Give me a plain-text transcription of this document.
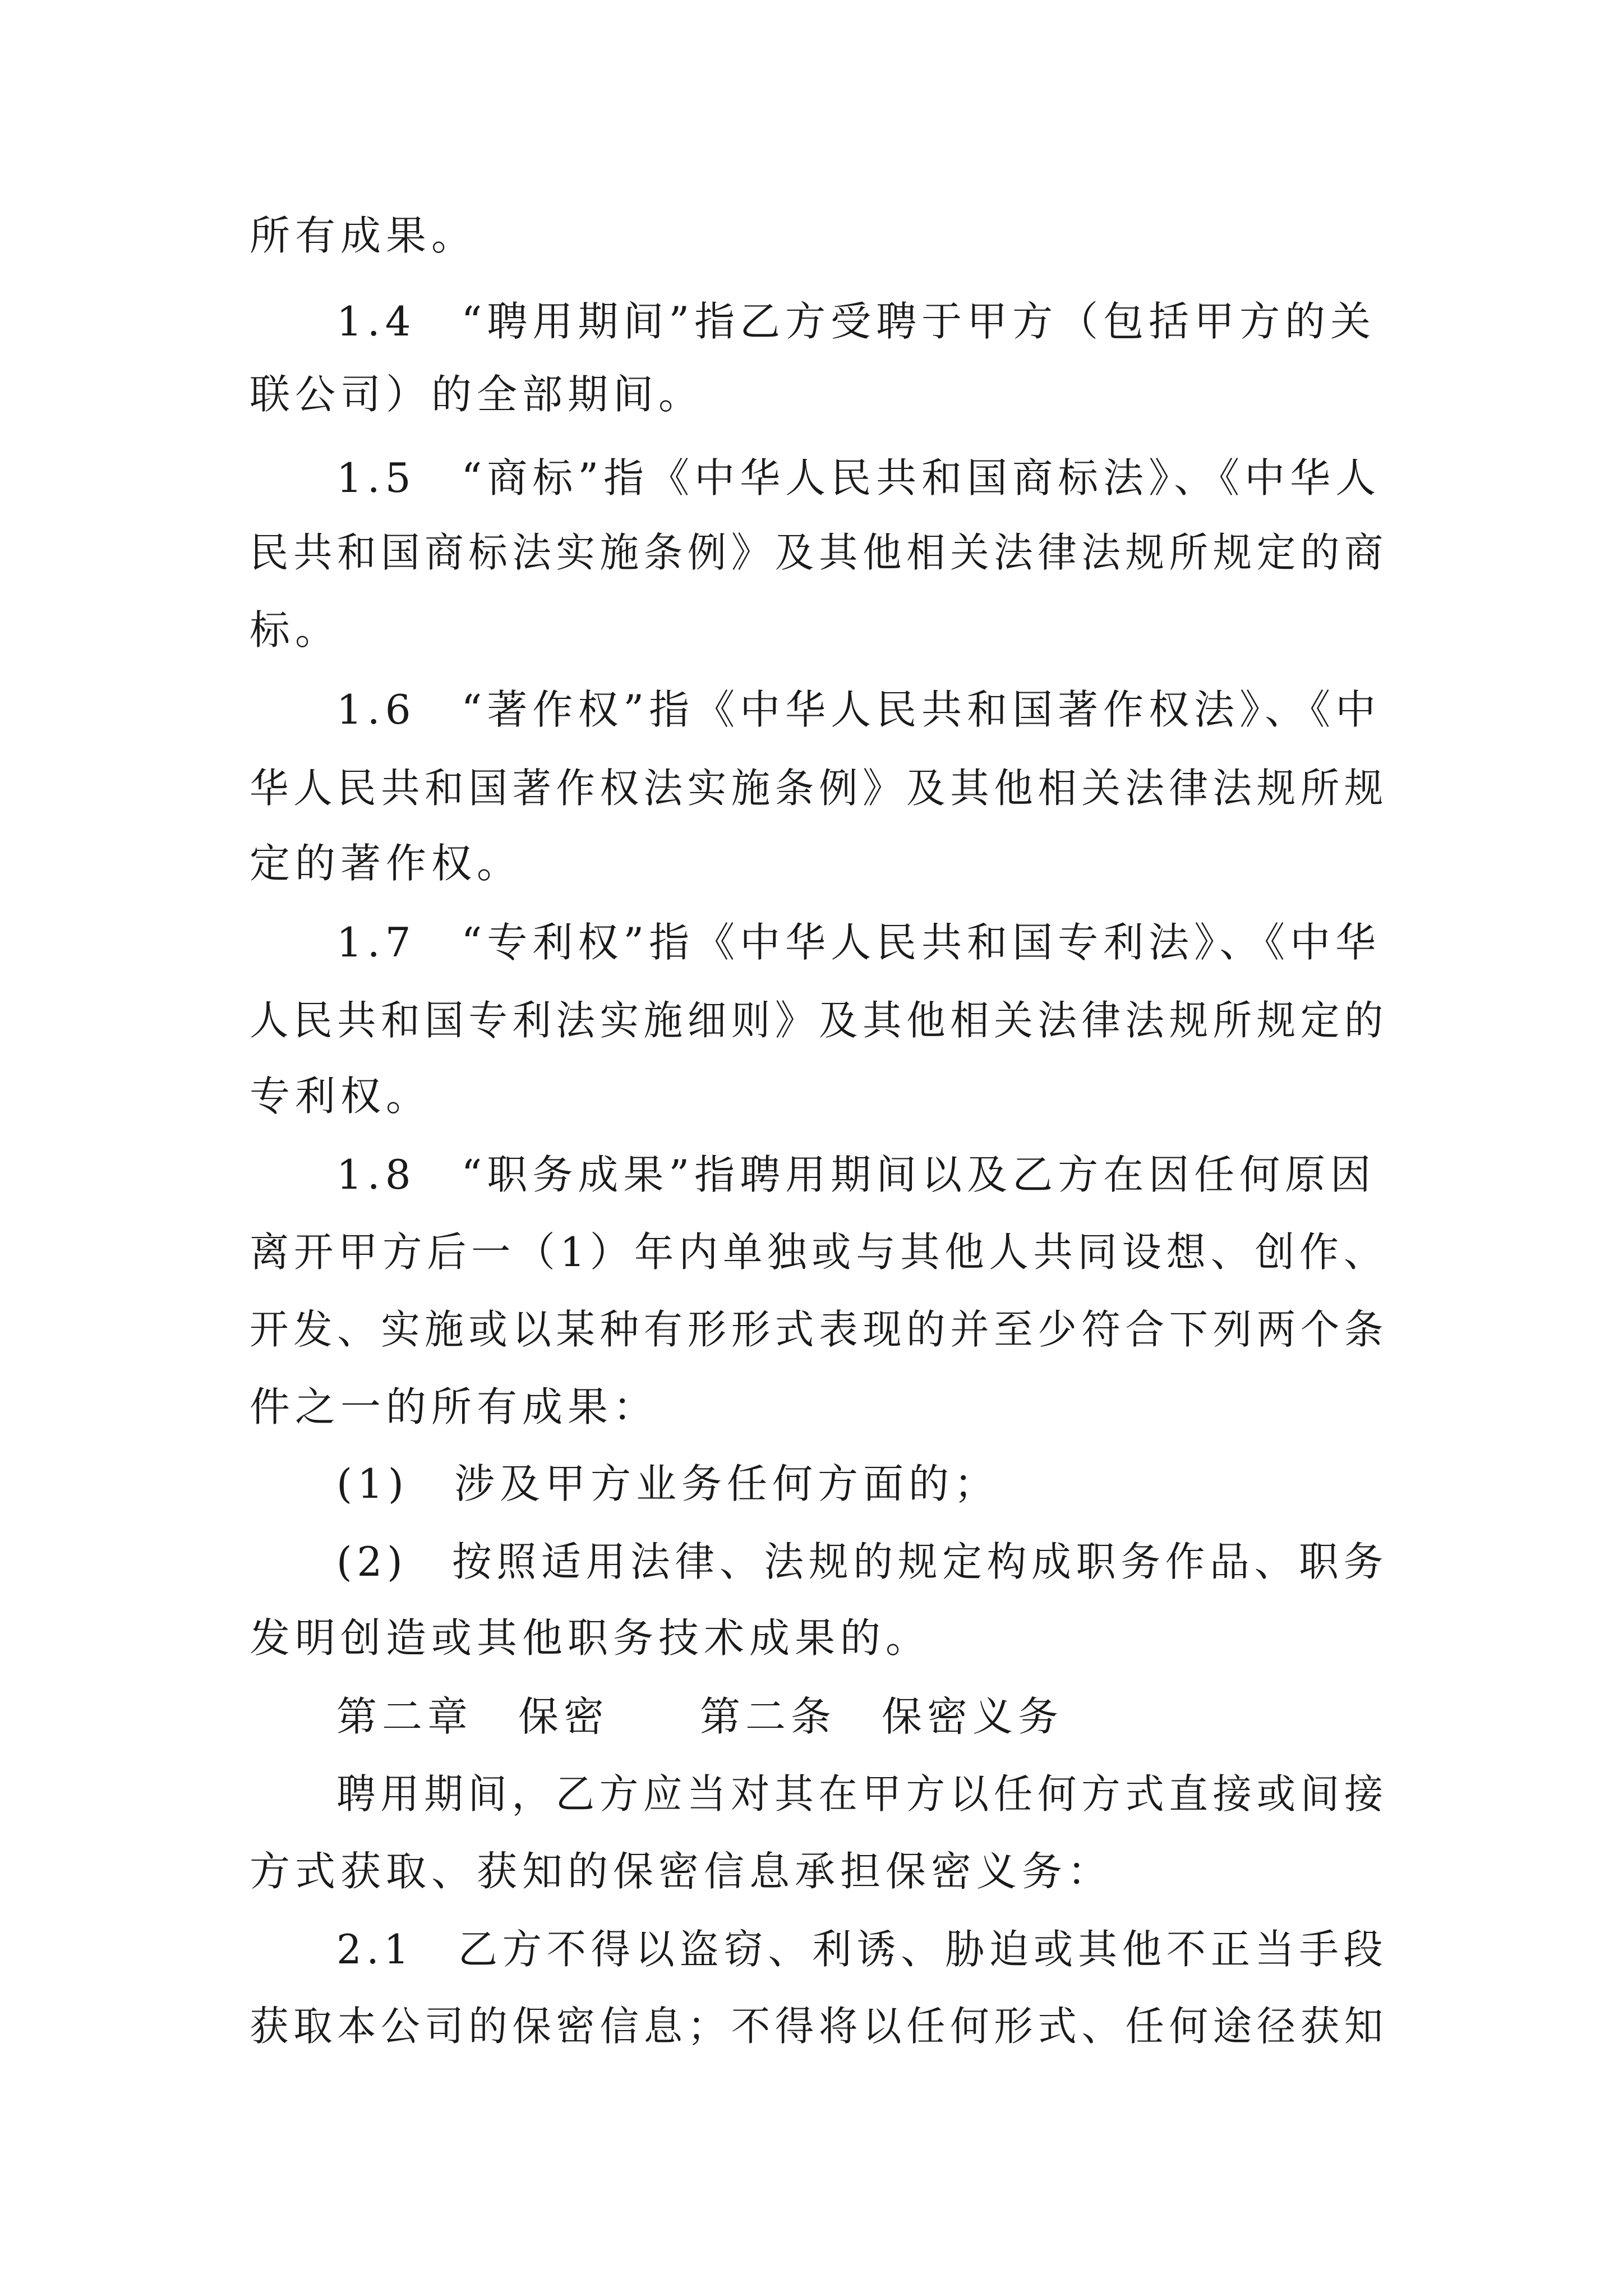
所有成果。

1.4　“聘用期间”指乙方受聘于甲方（包括甲方的关

联公司）的全部期间。

1.5　“商标”指《中华人民共和国商标法》、《中华人

民共和国商标法实施条例》及其他相关法律法规所规定的商

标。

1.6　“著作权”指《中华人民共和国著作权法》、《中

华人民共和国著作权法实施条例》及其他相关法律法规所规

定的著作权。

1.7　“专利权”指《中华人民共和国专利法》、《中华

人民共和国专利法实施细则》及其他相关法律法规所规定的

专利权。

1.8　“职务成果”指聘用期间以及乙方在因任何原因

离开甲方后一（1）年内单独或与其他人共同设想、创作、

开发、实施或以某种有形形式表现的并至少符合下列两个条

件之一的所有成果：

(1)　涉及甲方业务任何方面的；

(2)　按照适用法律、法规的规定构成职务作品、职务

发明创造或其他职务技术成果的。

第二章　保密　　第二条　保密义务

聘用期间，乙方应当对其在甲方以任何方式直接或间接

方式获取、获知的保密信息承担保密义务：

2.1　乙方不得以盗窃、利诱、胁迫或其他不正当手段

获取本公司的保密信息；不得将以任何形式、任何途径获知
